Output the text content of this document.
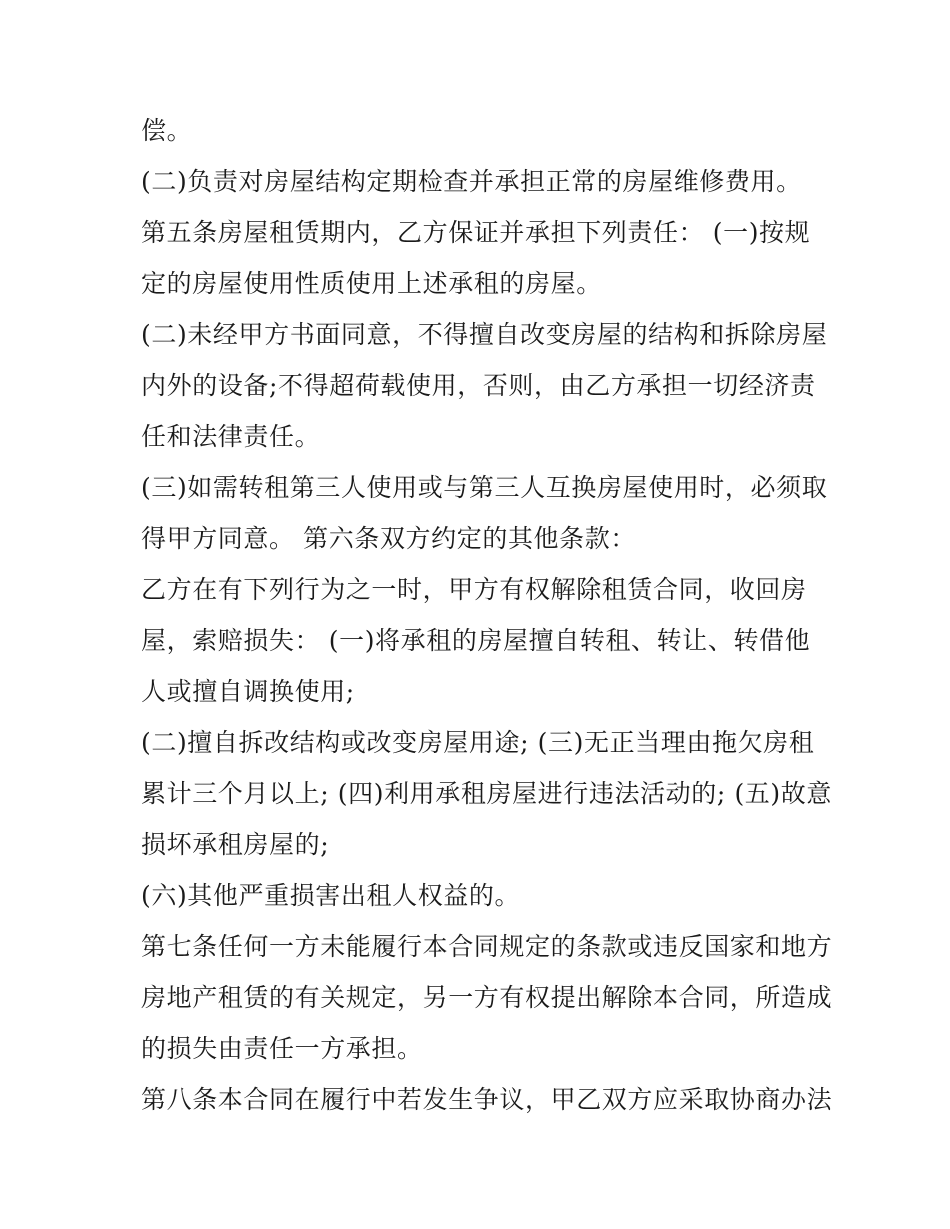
偿。
(二)负责对房屋结构定期检查并承担正常的房屋维修费用。
第五条房屋租赁期内，乙方保证并承担下列责任： (一)按规
定的房屋使用性质使用上述承租的房屋。
(二)未经甲方书面同意，不得擅自改变房屋的结构和拆除房屋
内外的设备;不得超荷载使用，否则，由乙方承担一切经济责
任和法律责任。
(三)如需转租第三人使用或与第三人互换房屋使用时，必须取
得甲方同意。 第六条双方约定的其他条款：
乙方在有下列行为之一时，甲方有权解除租赁合同，收回房
屋，索赔损失： (一)将承租的房屋擅自转租、转让、转借他
人或擅自调换使用;
(二)擅自拆改结构或改变房屋用途; (三)无正当理由拖欠房租
累计三个月以上; (四)利用承租房屋进行违法活动的; (五)故意
损坏承租房屋的;
(六)其他严重损害出租人权益的。
第七条任何一方未能履行本合同规定的条款或违反国家和地方
房地产租赁的有关规定，另一方有权提出解除本合同，所造成
的损失由责任一方承担。
第八条本合同在履行中若发生争议，甲乙双方应采取协商办法
